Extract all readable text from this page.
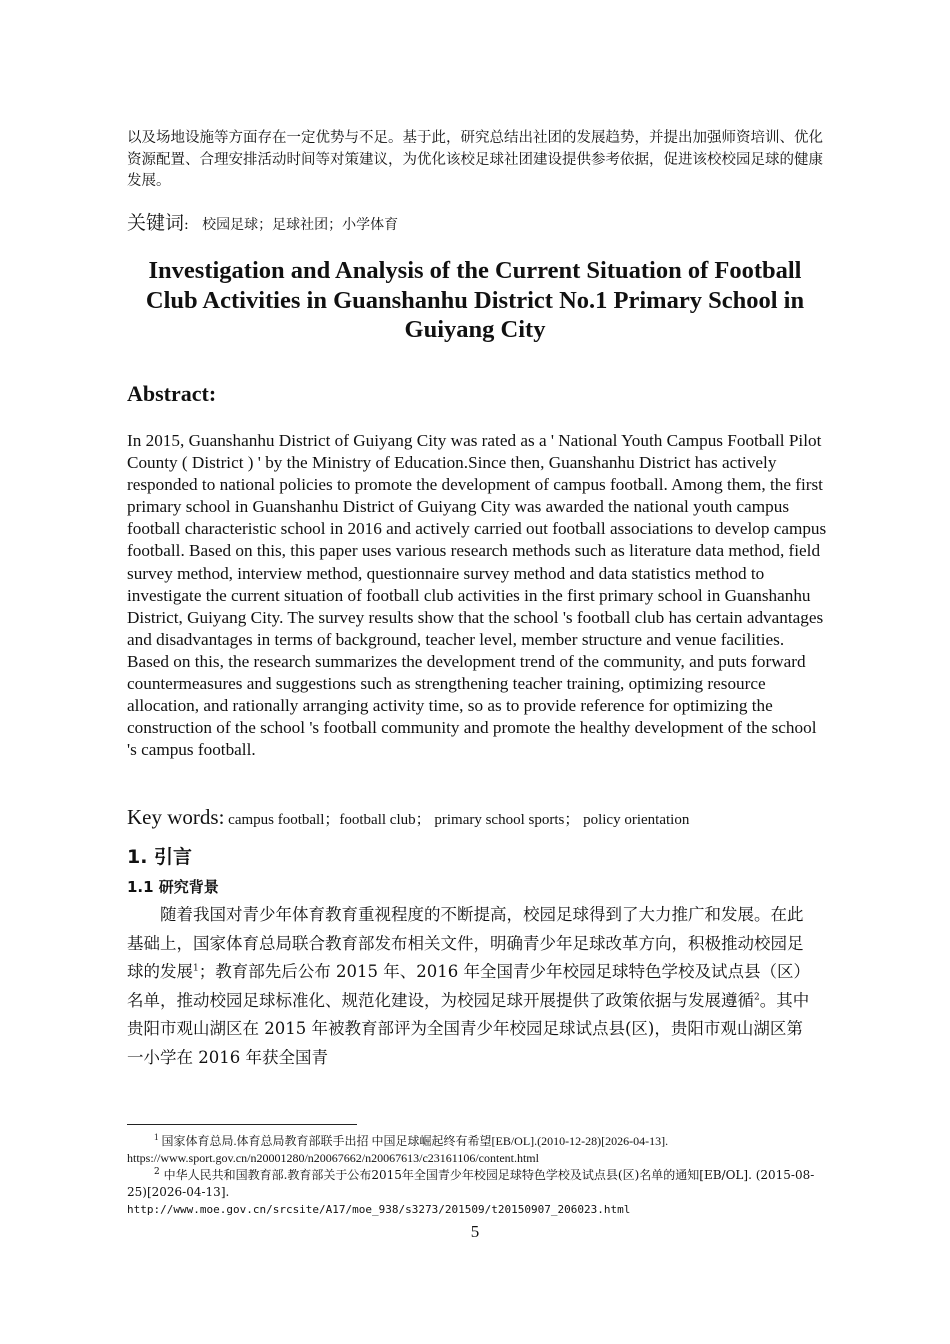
以及场地设施等方面存在一定优势与不足。基于此，研究总结出社团的发展趋势，并提出加强师资培训、优化资源配置、合理安排活动时间等对策建议，为优化该校足球社团建设提供参考依据，促进该校校园足球的健康发展。

关键词: 校园足球；足球社团；小学体育
Investigation and Analysis of the Current Situation of Football
Club Activities in Guanshanhu District No.1 Primary School in
Guiyang City
Abstract:

In 2015, Guanshanhu District of Guiyang City was rated as a ' National Youth Campus Football Pilot County ( District ) ' by the Ministry of Education.Since then, Guanshanhu District has actively responded to national policies to promote the development of campus football. Among them, the first primary school in Guanshanhu District of Guiyang City was awarded the national youth campus football characteristic school in 2016 and actively carried out football associations to develop campus football. Based on this, this paper uses various research methods such as literature data method, field survey method, interview method, questionnaire survey method and data statistics method to investigate the current situation of football club activities in the first primary school in Guanshanhu District, Guiyang City. The survey results show that the school 's football club has certain advantages and disadvantages in terms of background, teacher level, member structure and venue facilities. Based on this, the research summarizes the development trend of the community, and puts forward countermeasures and suggestions such as strengthening teacher training, optimizing resource allocation, and rationally arranging activity time, so as to provide reference for optimizing the construction of the school 's football community and promote the healthy development of the school 's campus football.

Key words: campus football；football club； primary school sports； policy orientation
1. 引言
1.1 研究背景

随着我国对青少年体育教育重视程度的不断提高，校园足球得到了大力推广和发展。在此基础上，国家体育总局联合教育部发布相关文件，明确青少年足球改革方向，积极推动校园足球的发展$^1$；教育部先后公布 2015 年、2016 年全国青少年校园足球特色学校及试点县（区）名单，推动校园足球标准化、规范化建设，为校园足球开展提供了政策依据与发展遵循$^2$。其中贵阳市观山湖区在 2015 年被教育部评为全国青少年校园足球试点县(区)，贵阳市观山湖区第一小学在 2016 年获全国青

$^1$ 国家体育总局.体育总局教育部联手出招 中国足球崛起终有希望[EB/OL].(2010-12-28)[2026-04-13].
https://www.sport.gov.cn/n20001280/n20067662/n20067613/c23161106/content.html

$^2$ 中华人民共和国教育部.教育部关于公布2015年全国青少年校园足球特色学校及试点县(区)名单的通知[EB/OL]. (2015-08-25)[2026-04-13].
http://www.moe.gov.cn/srcsite/A17/moe_938/s3273/201509/t20150907_206023.html

5
